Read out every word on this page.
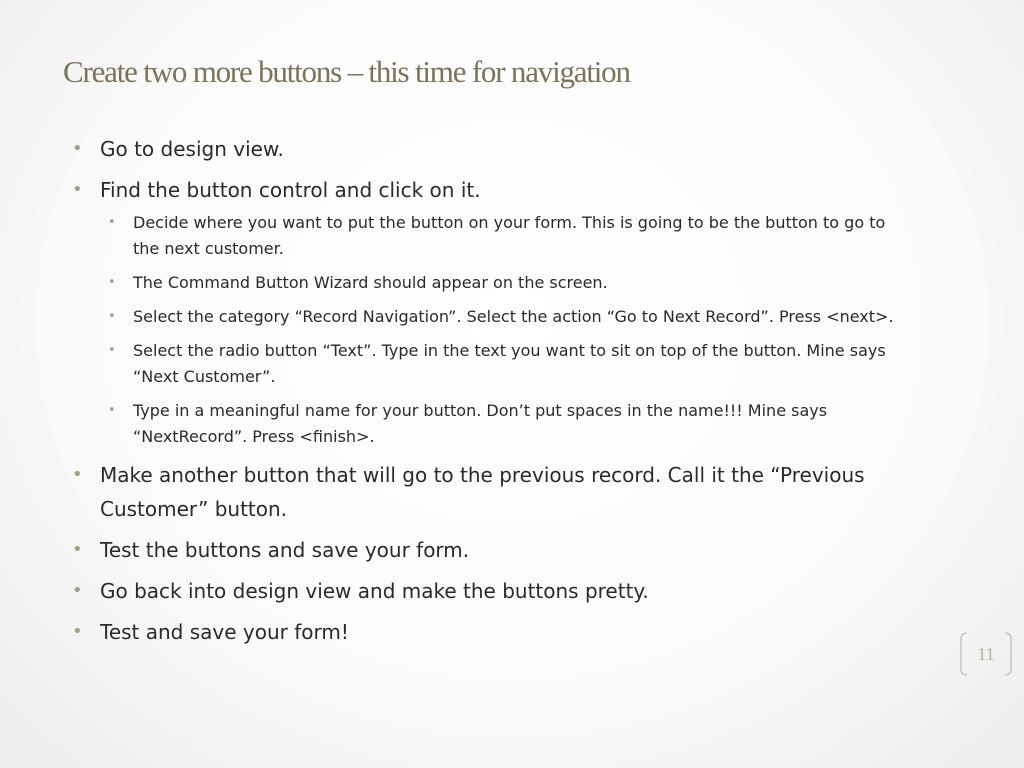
Create two more buttons – this time for navigation
• Go to design view.
• Find the button control and click on it.
• Decide where you want to put the button on your form. This is going to be the button to go to the next customer.
• The Command Button Wizard should appear on the screen.
• Select the category “Record Navigation”. Select the action “Go to Next Record”. Press <next>.
• Select the radio button “Text”. Type in the text you want to sit on top of the button. Mine says “Next Customer”.
• Type in a meaningful name for your button. Don’t put spaces in the name!!! Mine says “NextRecord”. Press <finish>.
• Make another button that will go to the previous record. Call it the “Previous Customer” button.
• Test the buttons and save your form.
• Go back into design view and make the buttons pretty.
• Test and save your form!
11
